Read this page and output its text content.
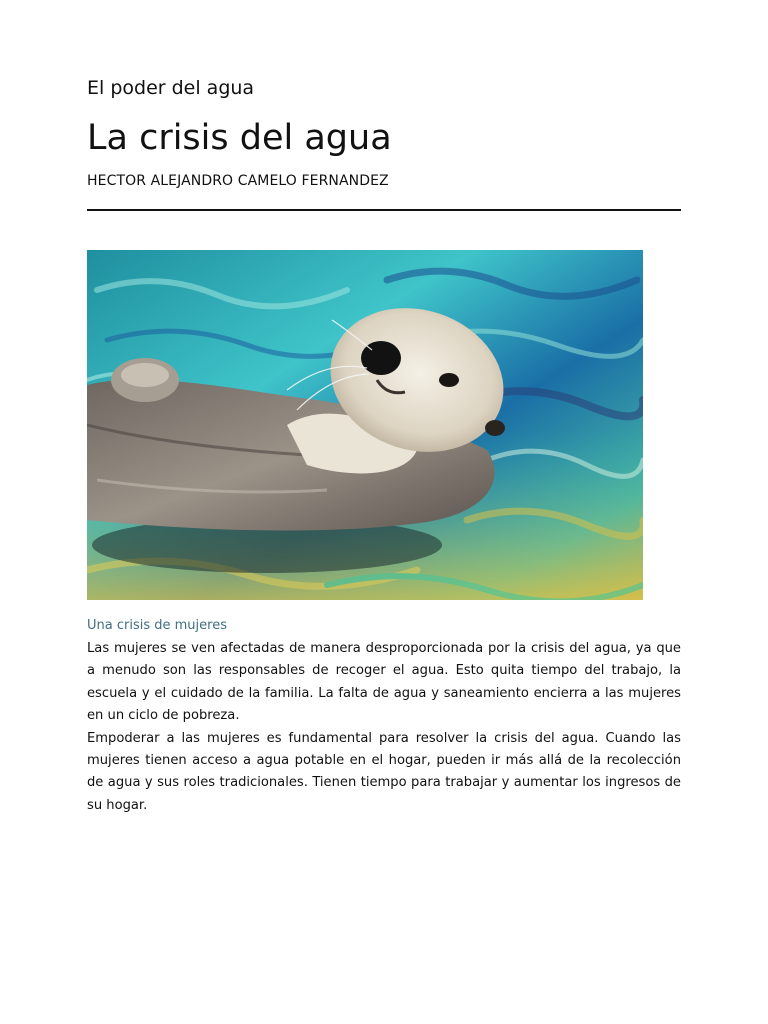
El poder del agua
La crisis del agua
HECTOR ALEJANDRO CAMELO FERNANDEZ
Una crisis de mujeres

Las mujeres se ven afectadas de manera desproporcionada por la crisis del agua, ya que a menudo son las responsables de recoger el agua. Esto quita tiempo del trabajo, la escuela y el cuidado de la familia. La falta de agua y saneamiento encierra a las mujeres en un ciclo de pobreza.

Empoderar a las mujeres es fundamental para resolver la crisis del agua. Cuando las mujeres tienen acceso a agua potable en el hogar, pueden ir más allá de la recolección de agua y sus roles tradicionales. Tienen tiempo para trabajar y aumentar los ingresos de su hogar.
